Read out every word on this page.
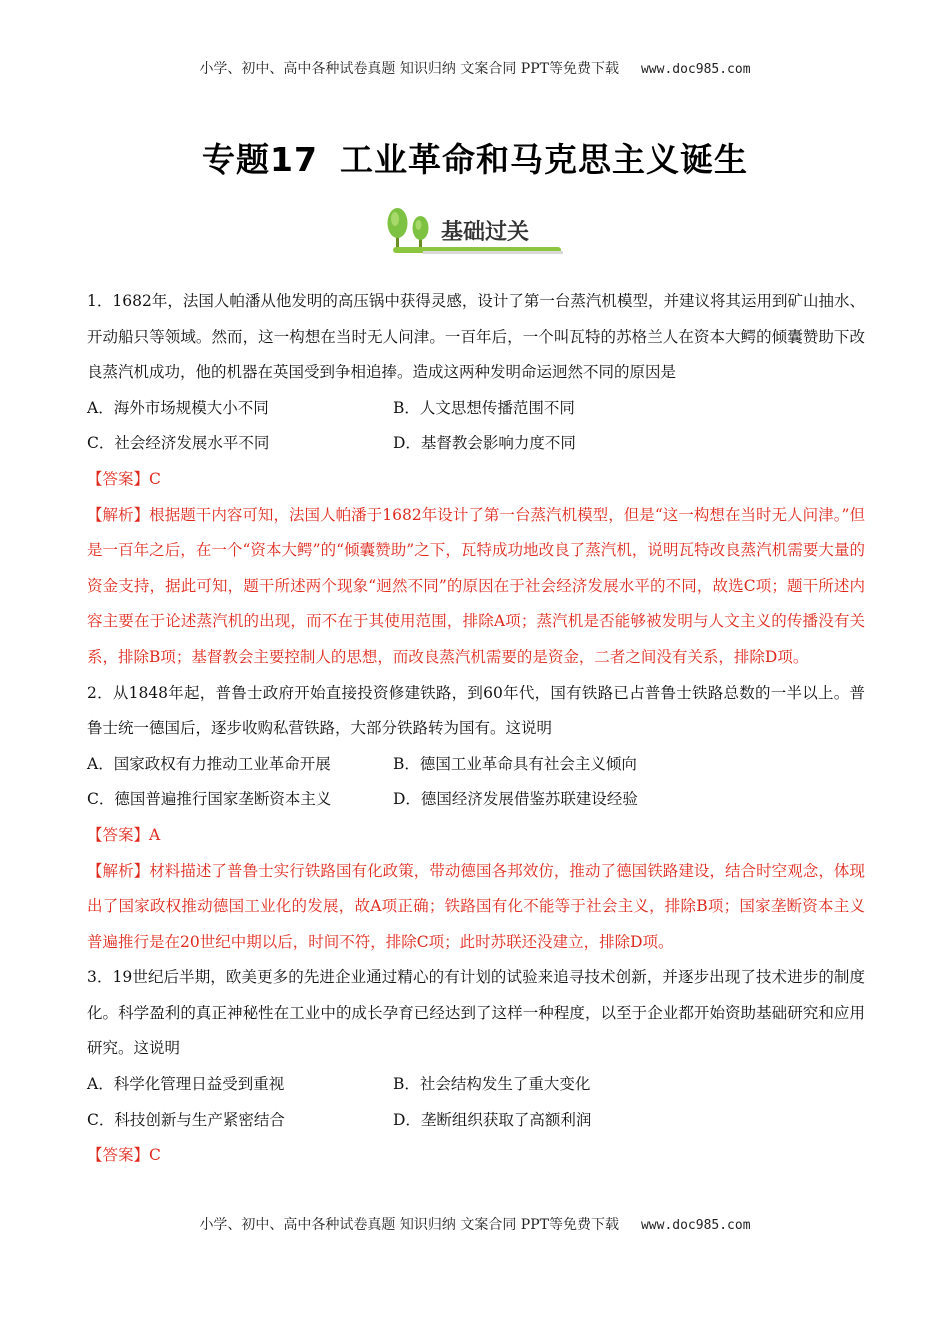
小学、初中、高中各种试卷真题 知识归纳 文案合同 PPT等免费下载 www.doc985.com
专题17 工业革命和马克思主义诞生
基础过关

1．1682年，法国人帕潘从他发明的高压锅中获得灵感，设计了第一台蒸汽机模型，并建议将其运用到矿山抽水、开动船只等领域。然而，这一构想在当时无人问津。一百年后，一个叫瓦特的苏格兰人在资本大鳄的倾囊赞助下改良蒸汽机成功，他的机器在英国受到争相追捧。造成这两种发明命运迥然不同的原因是

A．海外市场规模大小不同	B．人文思想传播范围不同
C．社会经济发展水平不同	D．基督教会影响力度不同

【答案】C

【解析】根据题干内容可知，法国人帕潘于1682年设计了第一台蒸汽机模型，但是“这一构想在当时无人问津。”但是一百年之后，在一个“资本大鳄”的“倾囊赞助”之下，瓦特成功地改良了蒸汽机，说明瓦特改良蒸汽机需要大量的资金支持，据此可知，题干所述两个现象“迥然不同”的原因在于社会经济发展水平的不同，故选C项；题干所述内容主要在于论述蒸汽机的出现，而不在于其使用范围，排除A项；蒸汽机是否能够被发明与人文主义的传播没有关系，排除B项；基督教会主要控制人的思想，而改良蒸汽机需要的是资金，二者之间没有关系，排除D项。

2．从1848年起，普鲁士政府开始直接投资修建铁路，到60年代，国有铁路已占普鲁士铁路总数的一半以上。普鲁士统一德国后，逐步收购私营铁路，大部分铁路转为国有。这说明

A．国家政权有力推动工业革命开展	B．德国工业革命具有社会主义倾向
C．德国普遍推行国家垄断资本主义	D．德国经济发展借鉴苏联建设经验

【答案】A

【解析】材料描述了普鲁士实行铁路国有化政策，带动德国各邦效仿，推动了德国铁路建设，结合时空观念，体现出了国家政权推动德国工业化的发展，故A项正确；铁路国有化不能等于社会主义，排除B项；国家垄断资本主义普遍推行是在20世纪中期以后，时间不符，排除C项；此时苏联还没建立，排除D项。

3．19世纪后半期，欧美更多的先进企业通过精心的有计划的试验来追寻技术创新，并逐步出现了技术进步的制度化。科学盈利的真正神秘性在工业中的成长孕育已经达到了这样一种程度，以至于企业都开始资助基础研究和应用研究。这说明

A．科学化管理日益受到重视	B．社会结构发生了重大变化
C．科技创新与生产紧密结合	D．垄断组织获取了高额利润

【答案】C

小学、初中、高中各种试卷真题 知识归纳 文案合同 PPT等免费下载 www.doc985.com
